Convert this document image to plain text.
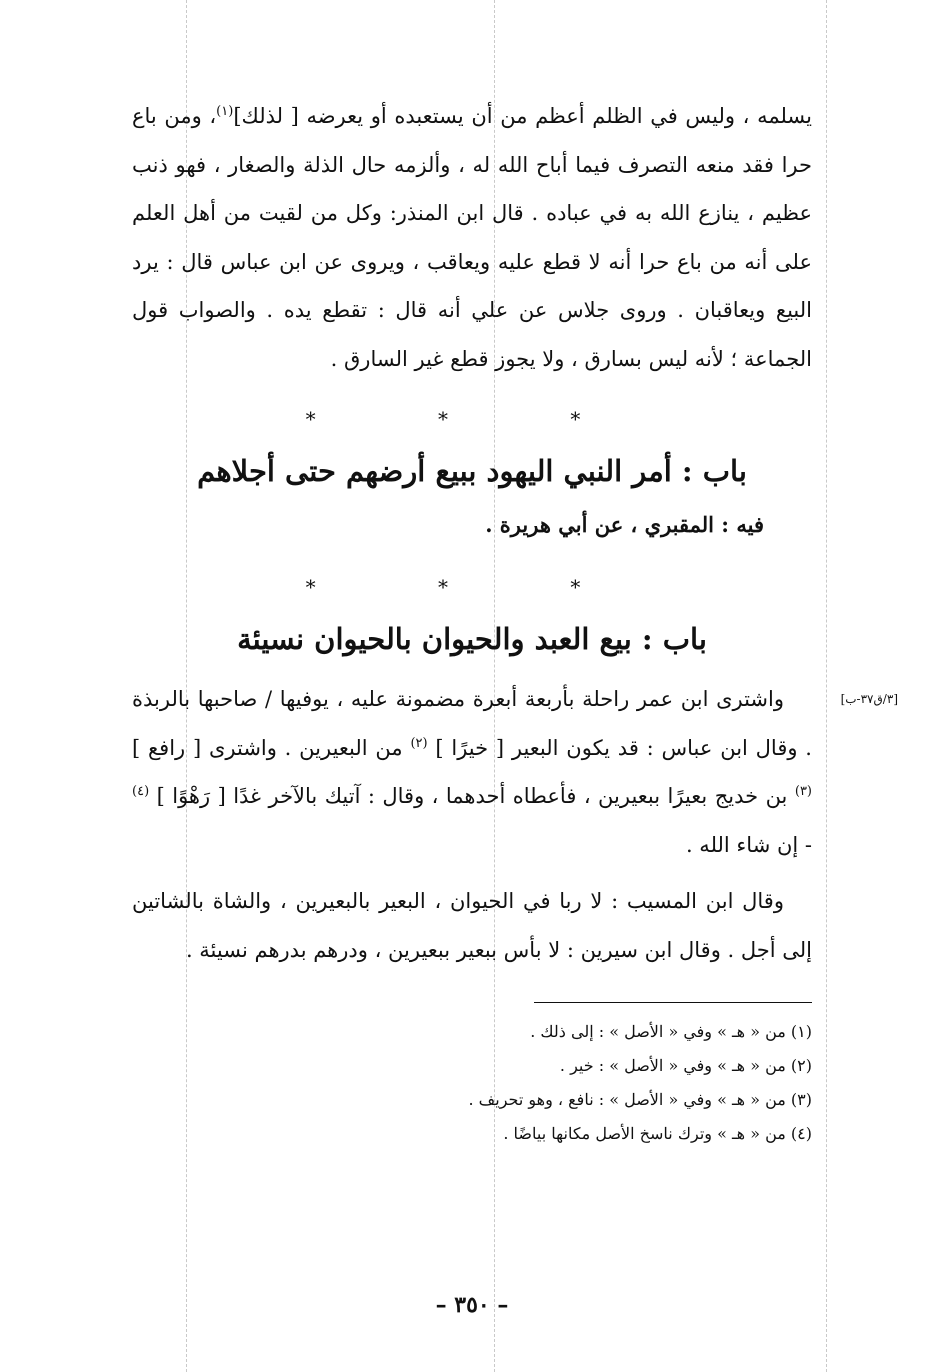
يسلمه ، وليس في الظلم أعظم من أن يستعبده أو يعرضه [ لذلك]$^{(١)}$، ومن باع حرا فقد منعه التصرف فيما أباح الله له ، وألزمه حال الذلة والصغار ، فهو ذنب عظيم ، ينازع الله به في عباده . قال ابن المنذر: وكل من لقيت من أهل العلم على أنه من باع حرا أنه لا قطع عليه ويعاقب ، ويروى عن ابن عباس قال : يرد البيع ويعاقبان . وروى جلاس عن علي أنه قال : تقطع يده . والصواب قول الجماعة ؛ لأنه ليس بسارق ، ولا يجوز قطع غير السارق .

* * *
باب : أمر النبي اليهود ببيع أرضهم حتى أجلاهم

فيه : المقبري ، عن أبي هريرة .

* * *
باب : بيع العبد والحيوان بالحيوان نسيئة
[٣/ق٣٧-ب]

واشترى ابن عمر راحلة بأربعة أبعرة مضمونة عليه ، يوفيها / صاحبها بالربذة . وقال ابن عباس : قد يكون البعير [ خيرًا ] $^{(٢)}$ من البعيرين . واشترى [ رافع ] $^{(٣)}$ بن خديج بعيرًا ببعيرين ، فأعطاه أحدهما ، وقال : آتيك بالآخر غدًا [ رَهْوًا ] $^{(٤)}$ - إن شاء الله .

وقال ابن المسيب : لا ربا في الحيوان ، البعير بالبعيرين ، والشاة بالشاتين إلى أجل . وقال ابن سيرين : لا بأس ببعير ببعيرين ، ودرهم بدرهم نسيئة .

(١) من « هـ » وفي « الأصل » : إلى ذلك .

(٢) من « هـ » وفي « الأصل » : خير .

(٣) من « هـ » وفي « الأصل » : نافع ، وهو تحريف .

(٤) من « هـ » وترك ناسخ الأصل مكانها بياضًا .

– ٣٥٠ –
